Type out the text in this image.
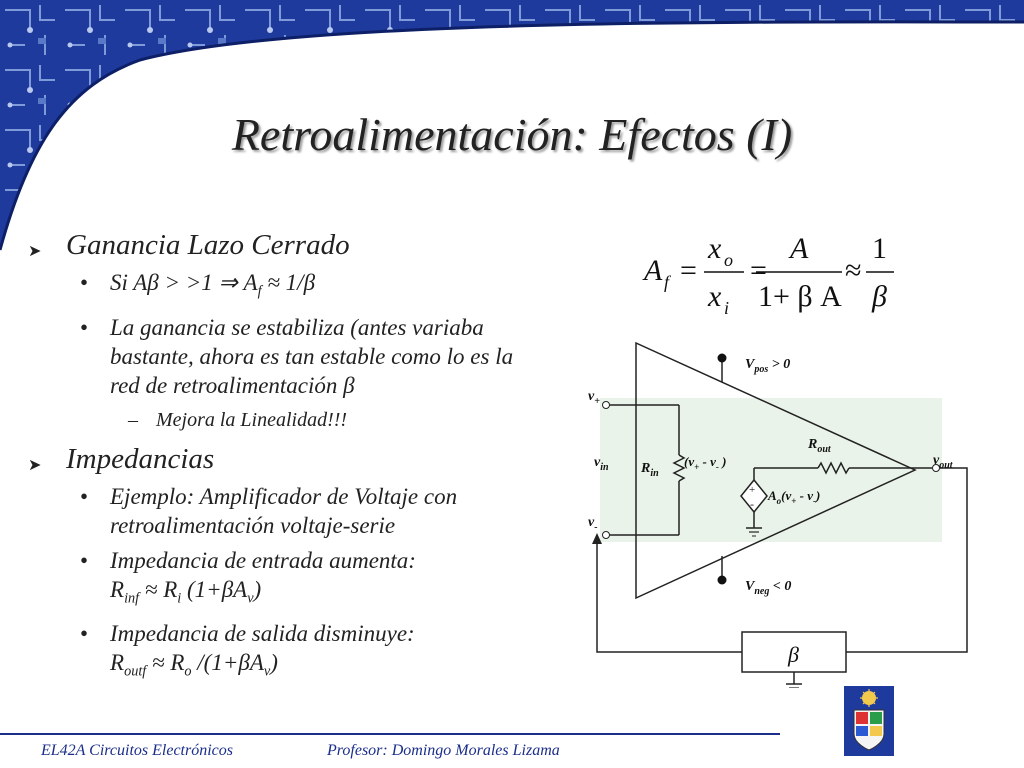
Retroalimentación: Efectos (I)
➤ Ganancia Lazo Cerrado
• Si Aβ > >1 ⇒ $A_f \approx 1/\beta$
• La ganancia se estabiliza (antes variaba bastante, ahora es tan estable como lo es la red de retroalimentación β
– Mejora la Linealidad!!!
➤ Impedancias
• Ejemplo: Amplificador de Voltaje con retroalimentación voltaje-serie
• Impedancia de entrada aumenta:
$R_{inf} \approx R_i$ $(1+\beta A_v)$
• Impedancia de salida disminuye:
$R_{outf} \approx R_o$ $/(1+\beta A_v)$
A f =
x o
x i
=
A
1+ β A
≈
1
β
+
-
$V_{pos} > 0$
$V_{neg} < 0$
$v_+$
$v_-$
$v_{in}$ $R_{in}$
($v_+ - v_-$ )
$R_{out}$
$v_{out}$
$A_o(v_+ - v_-)$
β
EL42A Circuitos Electrónicos	Profesor: Domingo Morales Lizama
